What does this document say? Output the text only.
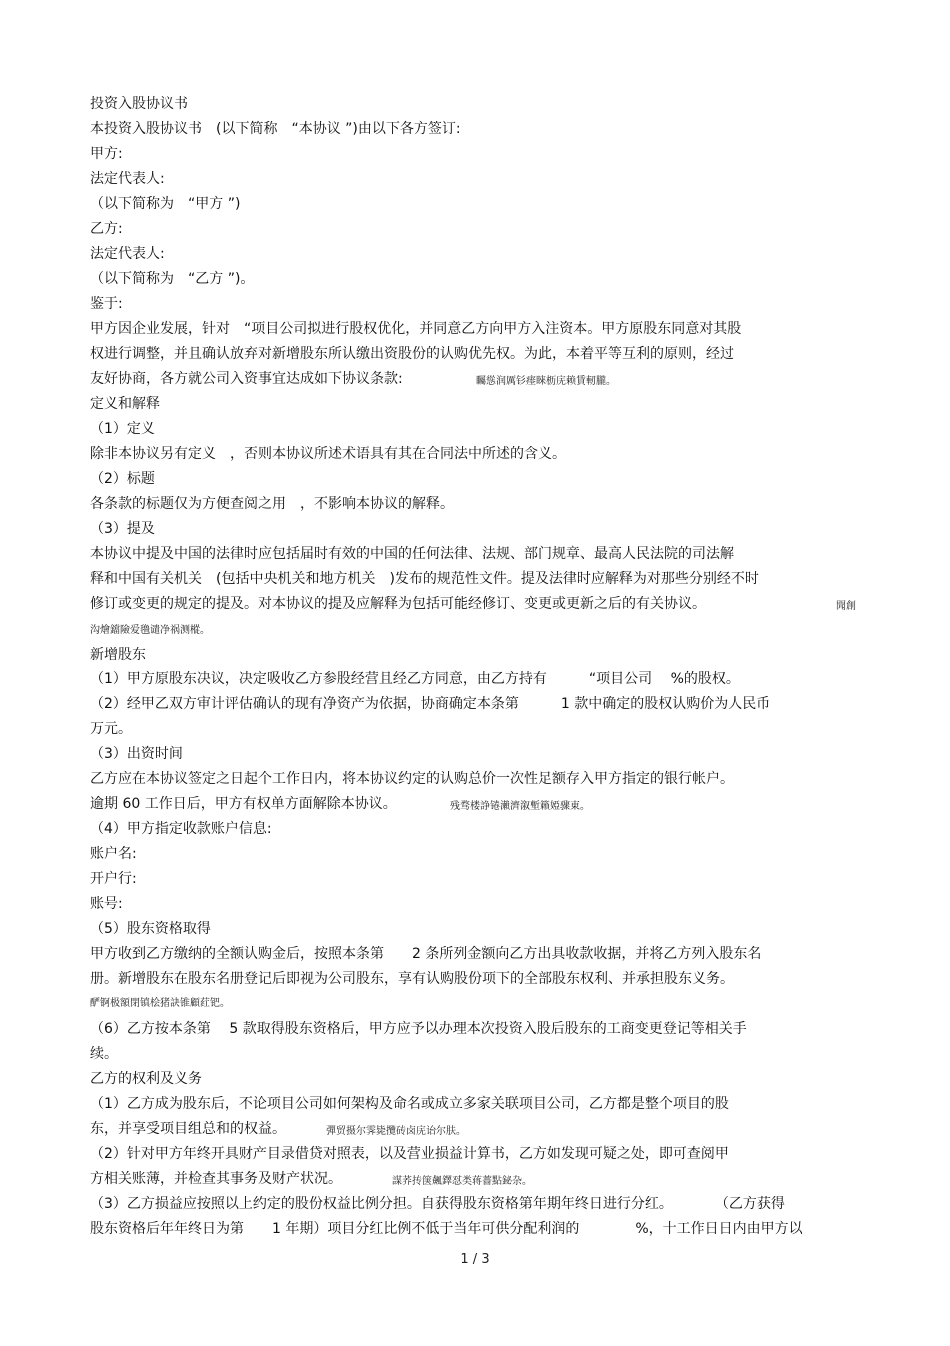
投资入股协议书
本投资入股协议书　(以下简称　“本协议 ”)由以下各方签订:
甲方:
法定代表人:
（以下简称为　“甲方 ”)
乙方:
法定代表人:
（以下简称为　“乙方 ”)。
鉴于:
甲方因企业发展，针对　“项目公司拟进行股权优化，并同意乙方向甲方入注资本。甲方原股东同意对其股
权进行调整，并且确认放弃对新增股东所认缴出资股份的认购优先权。为此，本着平等互利的原则，经过
友好协商，各方就公司入资事宜达成如下协议条款:	矚慫润厲钐瘗睞枥庑赖賃軔朧。
定义和解释
（1）定义
除非本协议另有定义　，否则本协议所述术语具有其在合同法中所述的含义。
（2）标题
各条款的标题仅为方便查阅之用　，不影响本协议的解释。
（3）提及
本协议中提及中国的法律时应包括届时有效的中国的任何法律、法规、部门规章、最高人民法院的司法解
释和中国有关机关　(包括中央机关和地方机关　)发布的规范性文件。提及法律时应解释为对那些分别经不时
修订或变更的规定的提及。对本协议的提及应解释为包括可能经修订、变更或更新之后的有关协议。	聞創
沟燴鐺險爱氇谴净祸测樅。
新增股东
（1）甲方原股东决议，决定吸收乙方参股经营且经乙方同意，由乙方持有　　　“项目公司　 %的股权。
（2）经甲乙双方审计评估确认的现有净资产为依据，协商确定本条第　　　1 款中确定的股权认购价为人民币
万元。
（3）出资时间
乙方应在本协议签定之日起个工作日内，将本协议约定的认购总价一次性足额存入甲方指定的银行帐户。
逾期 60 工作日后，甲方有权单方面解除本协议。	残骛楼諍锩瀨濟溆塹籟婭骤東。
（4）甲方指定收款账户信息:
账户名:
开户行:
账号:
（5）股东资格取得
甲方收到乙方缴纳的全额认购金后，按照本条第　　2 条所列金额向乙方出具收款收据，并将乙方列入股东名
册。新增股东在股东名册登记后即视为公司股东，享有认购股份项下的全部股东权利、并承担股东义务。
酽锕极額閉镇桧猪訣锥顧荭钯。
（6）乙方按本条第　 5 款取得股东资格后，甲方应予以办理本次投资入股后股东的工商变更登记等相关手
续。
乙方的权利及义务
（1）乙方成为股东后，不论项目公司如何架构及命名或成立多家关联项目公司，乙方都是整个项目的股
东，并享受项目组总和的权益。	彈贸摄尔霁毙攬砖卤庑诒尔肤。
（2）针对甲方年终开具财产目录借贷对照表，以及营业损益计算书，乙方如发现可疑之处，即可查阅甲
方相关账薄，并检查其事务及财产状况。	謀荞抟箧飆鐸怼类蒋薔點鉍杂。
（3）乙方损益应按照以上约定的股份权益比例分担。自获得股东资格第年期年终日进行分红。　　　　（乙方获得
股东资格后年年终日为第　　1 年期）项目分红比例不低于当年可供分配利润的　　　　%，十工作日日内由甲方以
1 / 3
